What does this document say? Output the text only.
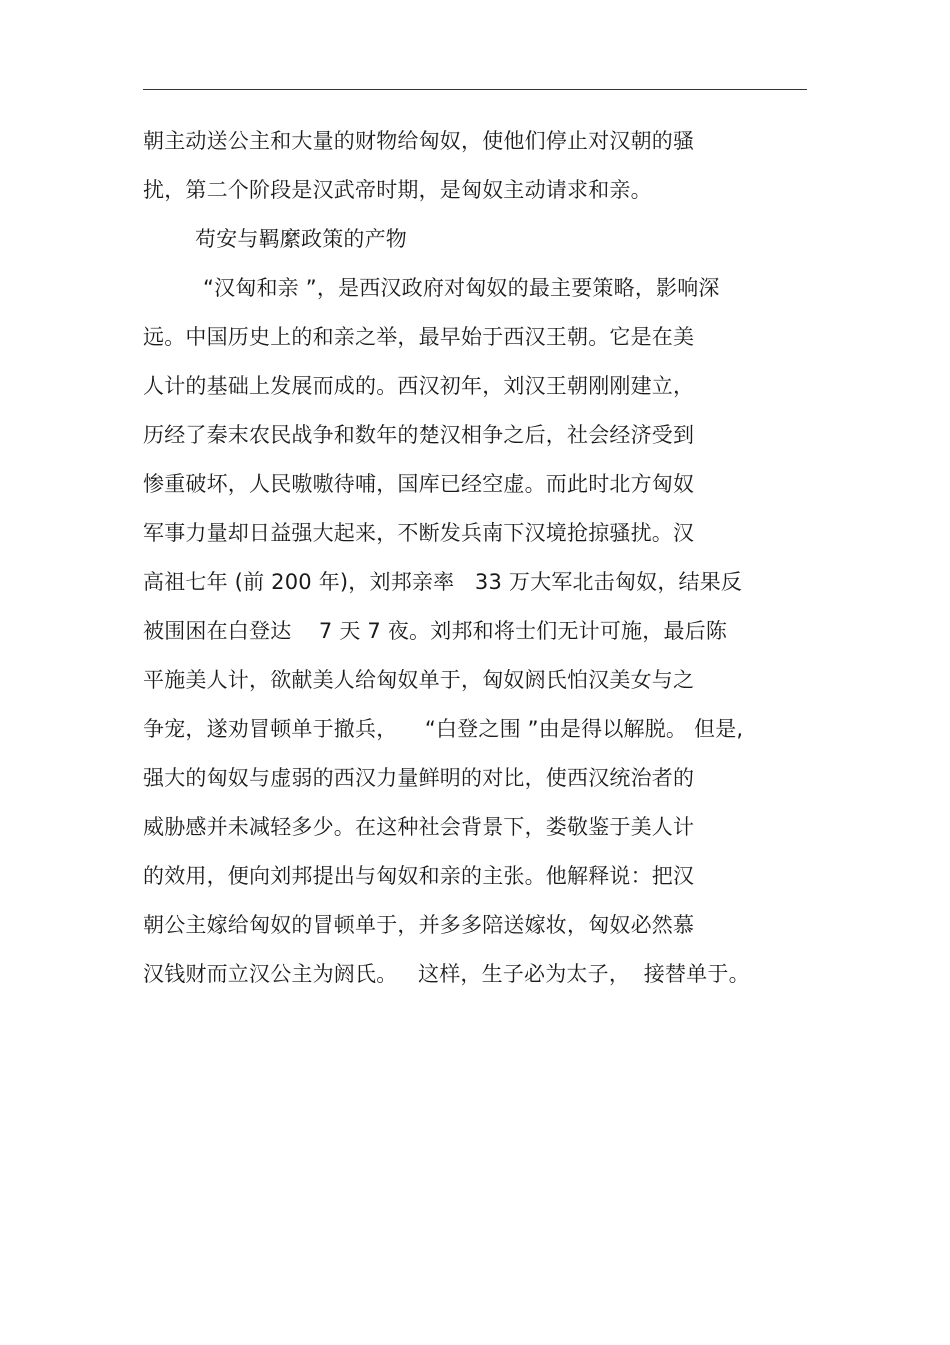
朝主动送公主和大量的财物给匈奴，使他们停止对汉朝的骚
扰，第二个阶段是汉武帝时期，是匈奴主动请求和亲。
苟安与羁縻政策的产物
“汉匈和亲 ”，是西汉政府对匈奴的最主要策略，影响深
远。中国历史上的和亲之举，最早始于西汉王朝。它是在美
人计的基础上发展而成的。西汉初年，刘汉王朝刚刚建立，
历经了秦末农民战争和数年的楚汉相争之后，社会经济受到
惨重破坏，人民嗷嗷待哺，国库已经空虚。而此时北方匈奴
军事力量却日益强大起来，不断发兵南下汉境抢掠骚扰。汉
高祖七年 (前 200 年)，刘邦亲率   33 万大军北击匈奴，结果反
被围困在白登达    7 天 7 夜。刘邦和将士们无计可施，最后陈
平施美人计，欲献美人给匈奴单于，匈奴阏氏怕汉美女与之
争宠，遂劝冒顿单于撤兵，    “白登之围 ”由是得以解脱。 但是,
强大的匈奴与虚弱的西汉力量鲜明的对比，使西汉统治者的
威胁感并未减轻多少。在这种社会背景下，娄敬鉴于美人计
的效用，便向刘邦提出与匈奴和亲的主张。他解释说：把汉
朝公主嫁给匈奴的冒顿单于，并多多陪送嫁妆，匈奴必然慕
汉钱财而立汉公主为阏氏。   这样，生子必为太子，  接替单于。
